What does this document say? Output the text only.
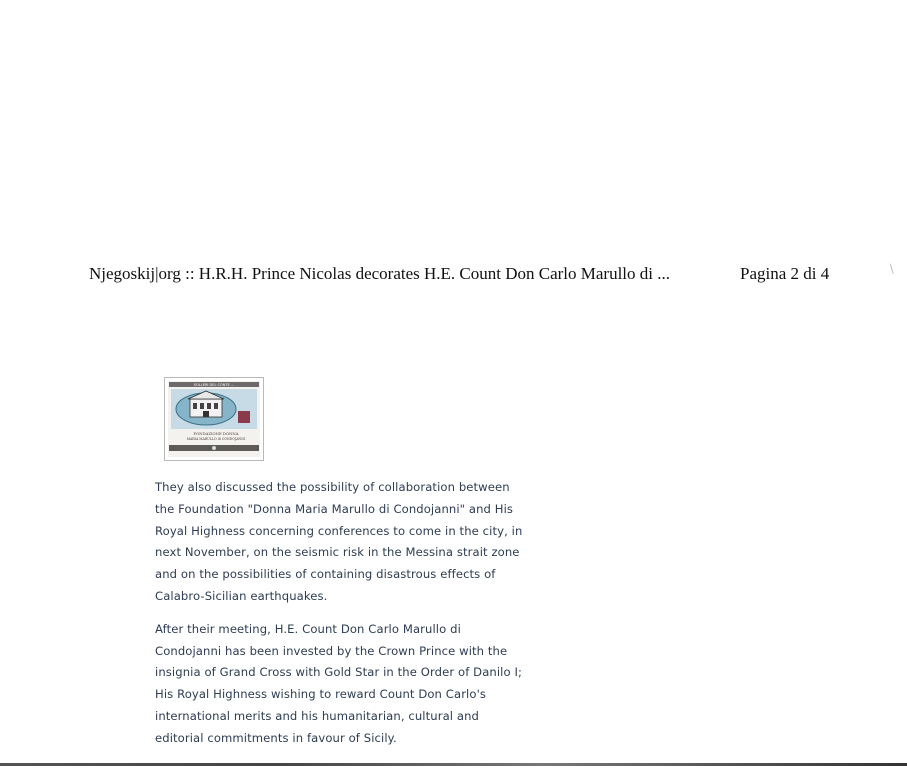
Njegoskij|org :: H.R.H. Prince Nicolas decorates H.E. Count Don Carlo Marullo di ...	Pagina 2 di 4	∖
SOLLERI DEL CONTE ...
FONDAZIONE DONNA
MARIA MARULLO di CONDOJANNI

They also discussed the possibility of collaboration between
the Foundation "Donna Maria Marullo di Condojanni" and His
Royal Highness concerning conferences to come in the city, in
next November, on the seismic risk in the Messina strait zone
and on the possibilities of containing disastrous effects of
Calabro-Sicilian earthquakes.

After their meeting, H.E. Count Don Carlo Marullo di
Condojanni has been invested by the Crown Prince with the
insignia of Grand Cross with Gold Star in the Order of Danilo I;
His Royal Highness wishing to reward Count Don Carlo's
international merits and his humanitarian, cultural and
editorial commitments in favour of Sicily.
